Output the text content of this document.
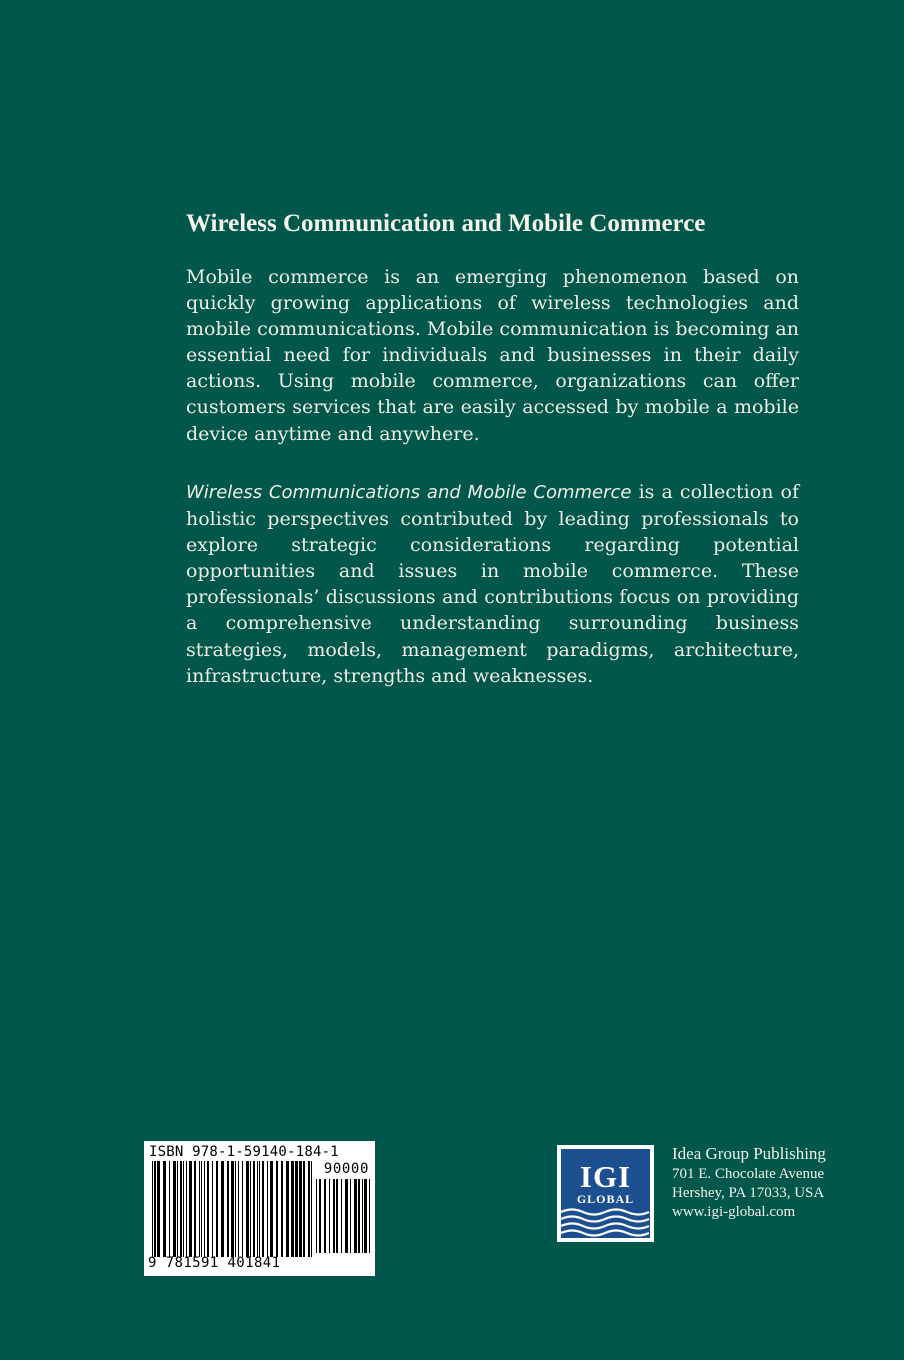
Wireless Communication and Mobile Commerce

Mobile commerce is an emerging phenomenon based on quickly growing applications of wireless technologies and mobile communications. Mobile communication is becoming an essential need for individuals and businesses in their daily actions. Using mobile commerce, organizations can offer customers services that are easily accessed by mobile a mobile device anytime and anywhere.

Wireless Communications and Mobile Commerce is a collection of holistic perspectives contributed by leading professionals to explore strategic considerations regarding potential opportunities and issues in mobile commerce. These professionals’ discussions and contributions focus on providing a comprehensive understanding surrounding business strategies, models, management paradigms, architecture, infrastructure, strengths and weaknesses.

ISBN 978-1-59140-184-1
90000
9 781591 401841
IGI
GLOBAL
Idea Group Publishing
701 E. Chocolate Avenue
Hershey, PA 17033, USA
www.igi-global.com
